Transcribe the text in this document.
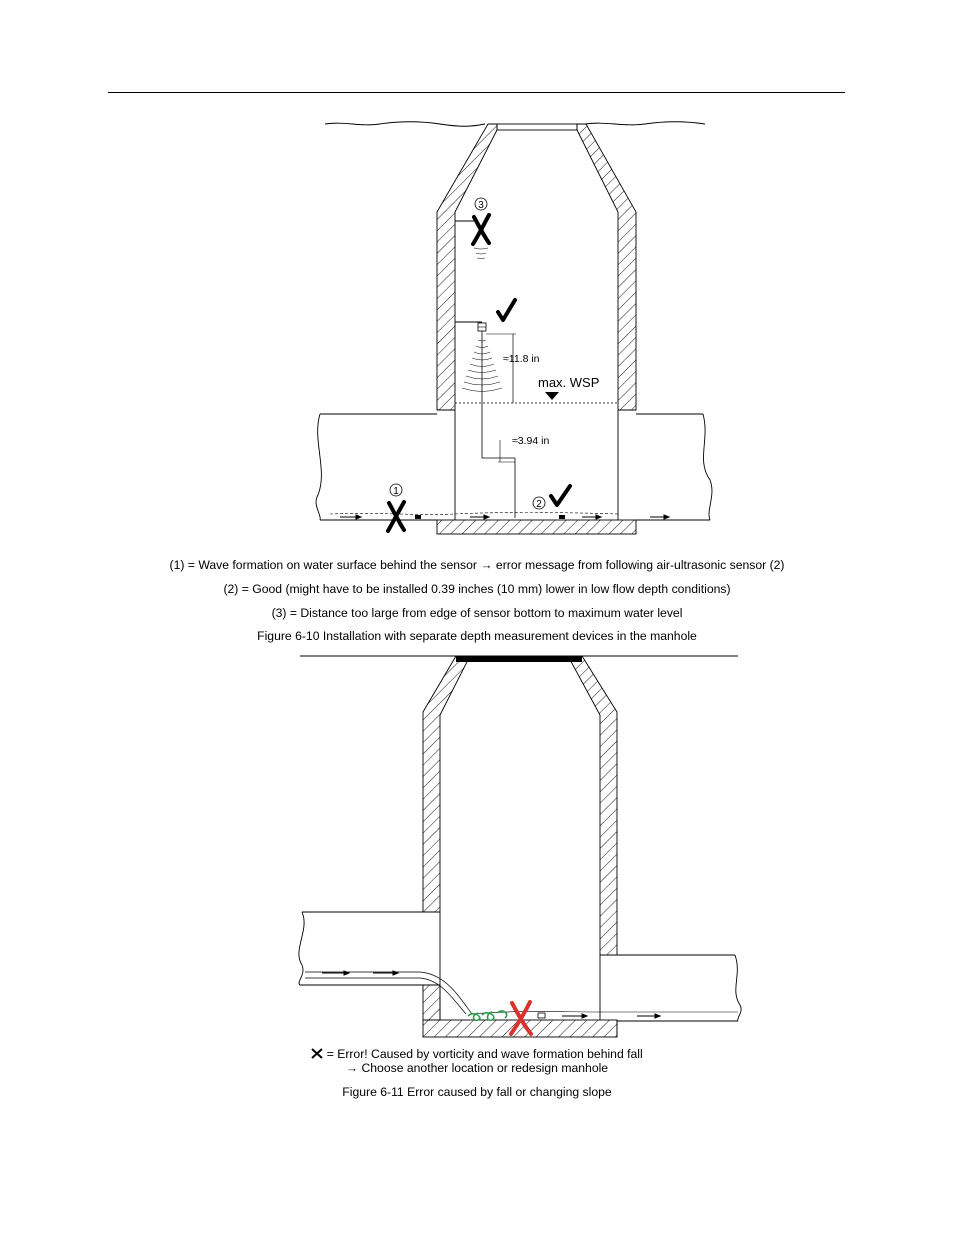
3
≈11.8 in
max. WSP
≈3.94 in
1
2
(1) = Wave formation on water surface behind the sensor → error message from following air-ultrasonic sensor (2)
(2) = Good (might have to be installed 0.39 inches (10 mm) lower in low flow depth conditions)
(3) = Distance too large from edge of sensor bottom to maximum water level
Figure 6-10 Installation with separate depth measurement devices in the manhole
= Error! Caused by vorticity and wave formation behind fall
→ Choose another location or redesign manhole
Figure 6-11 Error caused by fall or changing slope
